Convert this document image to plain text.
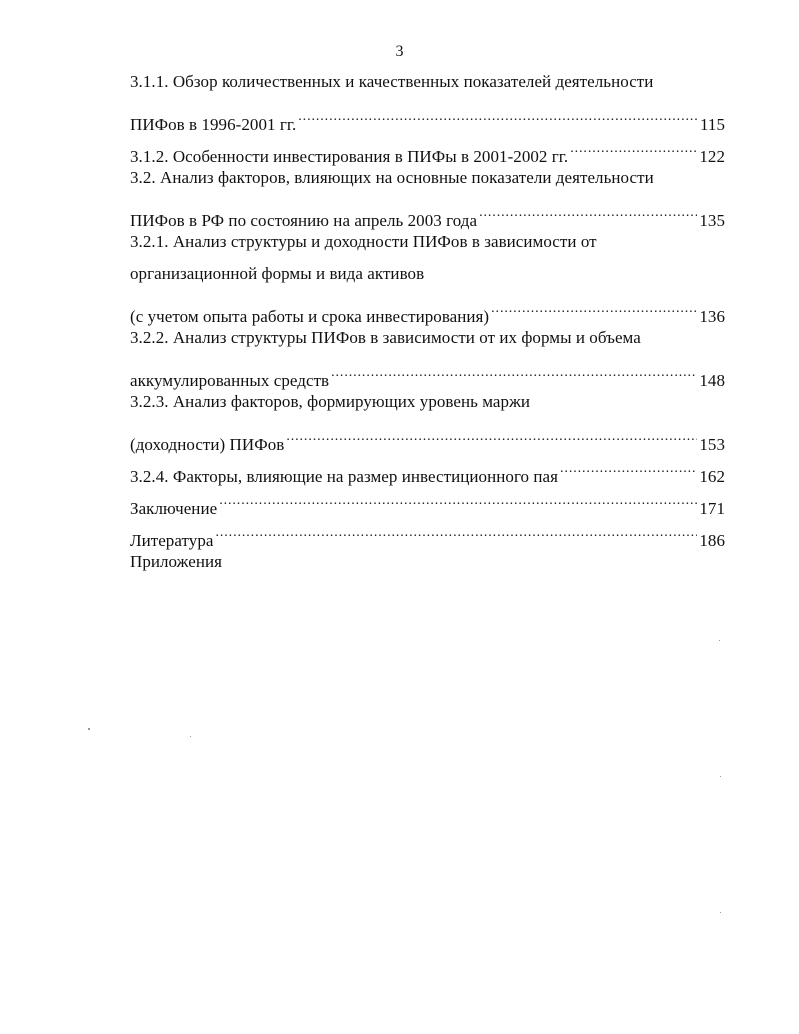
3
3.1.1. Обзор количественных и качественных показателей деятельности
ПИФов в 1996-2001 гг. .....	115
3.1.2. Особенности инвестирования в ПИФы в 2001-2002 гг. .....	122
3.2. Анализ факторов, влияющих на основные показатели деятельности
ПИФов в РФ по состоянию на апрель 2003 года .....	135
3.2.1. Анализ структуры и доходности ПИФов в зависимости от
организационной формы и вида активов
(с учетом опыта работы и срока инвестирования) .....	136
3.2.2. Анализ структуры ПИФов в зависимости от их формы и объема
аккумулированных средств .....	148
3.2.3. Анализ факторов, формирующих уровень маржи
(доходности) ПИФов .....	153
3.2.4. Факторы, влияющие на размер инвестиционного пая .....	162
Заключение .....	171
Литература .....	186
Приложения
